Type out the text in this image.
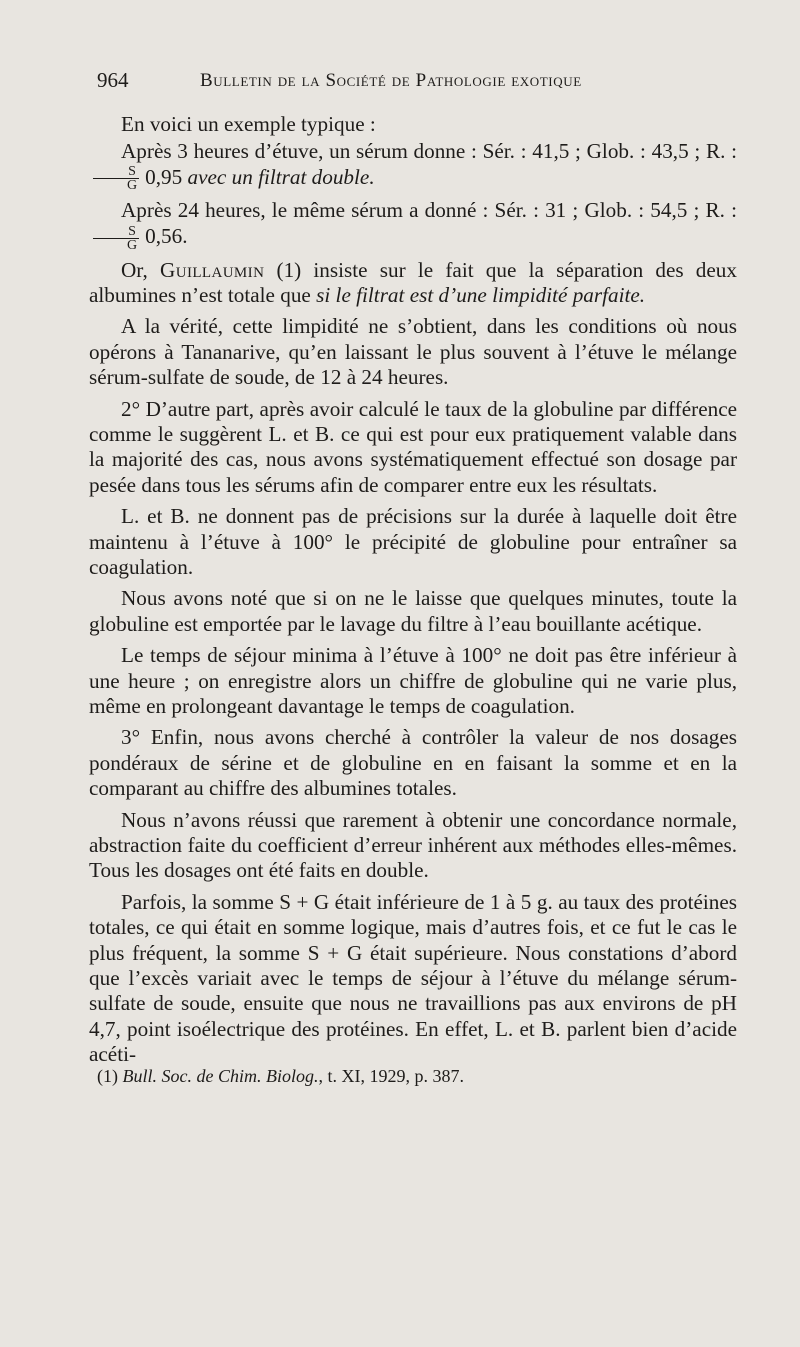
964	Bulletin de la Société de Pathologie exotique

En voici un exemple typique :

Après 3 heures d’étuve, un sérum donne : Sér. : 41,5 ; Glob. : 43,5 ; R. :
$\frac{S}{G} 0,95$ avec un filtrat double.

Après 24 heures, le même sérum a donné : Sér. : 31 ; Glob. : 54,5 ; R. :
$\frac{S}{G} 0,56$.

Or, Guillaumin (1) insiste sur le fait que la séparation des deux albumines n’est totale que si le filtrat est d’une limpidité parfaite.

A la vérité, cette limpidité ne s’obtient, dans les conditions où nous opérons à Tananarive, qu’en laissant le plus souvent à l’étuve le mélange sérum-sulfate de soude, de 12 à 24 heures.

2° D’autre part, après avoir calculé le taux de la globuline par différence comme le suggèrent L. et B. ce qui est pour eux pratiquement valable dans la majorité des cas, nous avons systématiquement effectué son dosage par pesée dans tous les sérums afin de comparer entre eux les résultats.

L. et B. ne donnent pas de précisions sur la durée à laquelle doit être maintenu à l’étuve à 100° le précipité de globuline pour entraîner sa coagulation.

Nous avons noté que si on ne le laisse que quelques minutes, toute la globuline est emportée par le lavage du filtre à l’eau bouillante acétique.

Le temps de séjour minima à l’étuve à 100° ne doit pas être inférieur à une heure ; on enregistre alors un chiffre de globuline qui ne varie plus, même en prolongeant davantage le temps de coagulation.

3° Enfin, nous avons cherché à contrôler la valeur de nos dosages pondéraux de sérine et de globuline en en faisant la somme et en la comparant au chiffre des albumines totales.

Nous n’avons réussi que rarement à obtenir une concordance normale, abstraction faite du coefficient d’erreur inhérent aux méthodes elles-mêmes. Tous les dosages ont été faits en double.

Parfois, la somme S + G était inférieure de 1 à 5 g. au taux des protéines totales, ce qui était en somme logique, mais d’autres fois, et ce fut le cas le plus fréquent, la somme S + G était supérieure. Nous constations d’abord que l’excès variait avec le temps de séjour à l’étuve du mélange sérum-sulfate de soude, ensuite que nous ne travaillions pas aux environs de pH 4,7, point isoélectrique des protéines. En effet, L. et B. parlent bien d’acide acéti-

(1) Bull. Soc. de Chim. Biolog., t. XI, 1929, p. 387.
